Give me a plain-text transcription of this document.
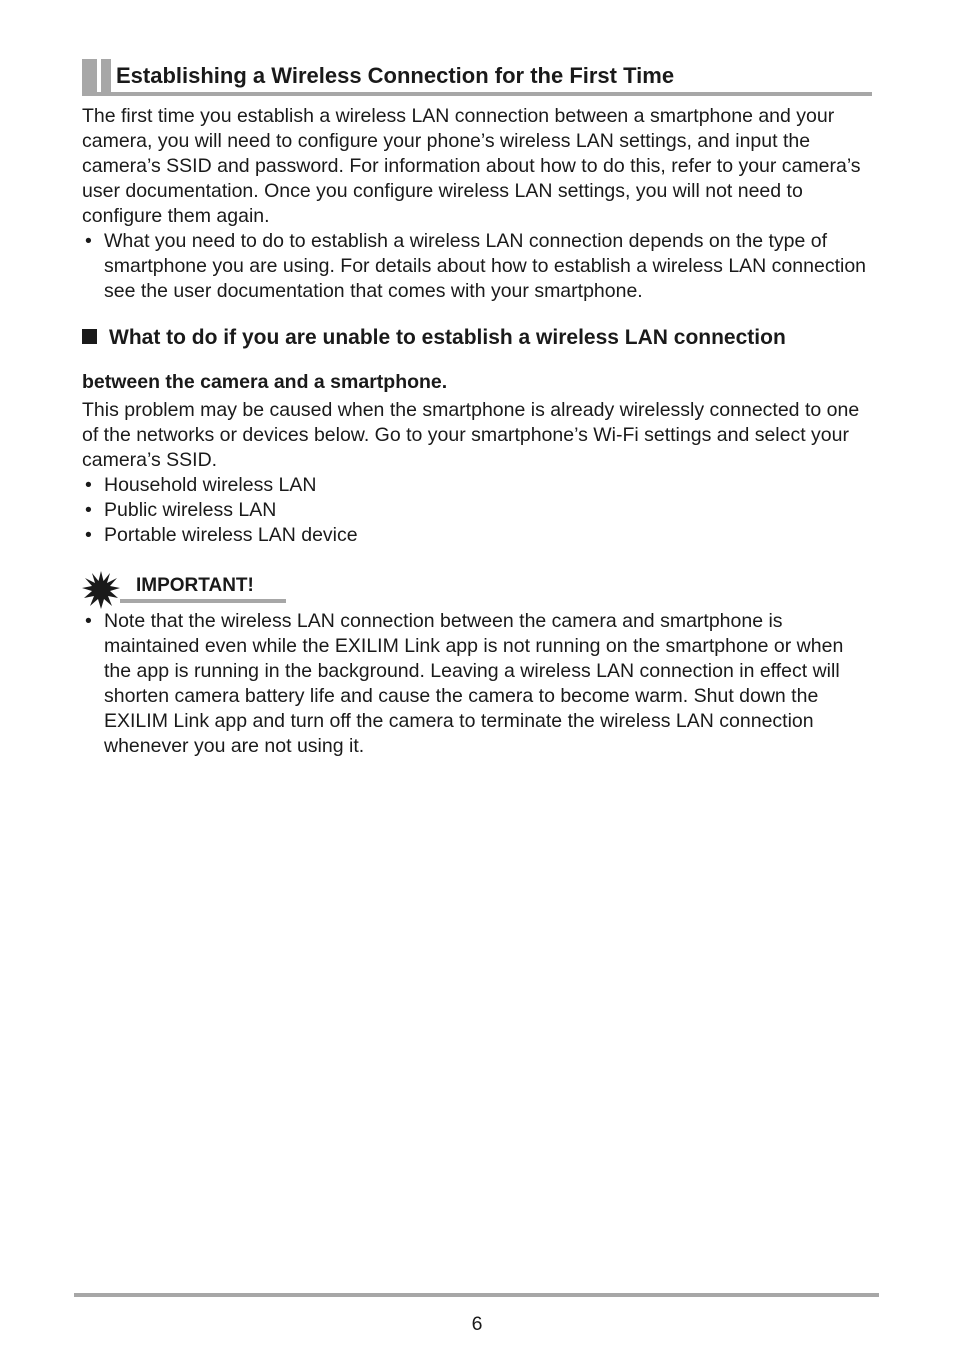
Establishing a Wireless Connection for the First Time
The first time you establish a wireless LAN connection between a smartphone and your camera, you will need to configure your phone’s wireless LAN settings, and input the camera’s SSID and password. For information about how to do this, refer to your camera’s user documentation. Once you configure wireless LAN settings, you will not need to configure them again.
• What you need to do to establish a wireless LAN connection depends on the type of smartphone you are using. For details about how to establish a wireless LAN connection see the user documentation that comes with your smartphone.
What to do if you are unable to establish a wireless LAN connection
between the camera and a smartphone.
This problem may be caused when the smartphone is already wirelessly connected to one of the networks or devices below. Go to your smartphone’s Wi-Fi settings and select your camera’s SSID.
• Household wireless LAN
• Public wireless LAN
• Portable wireless LAN device
IMPORTANT!
• Note that the wireless LAN connection between the camera and smartphone is maintained even while the EXILIM Link app is not running on the smartphone or when the app is running in the background. Leaving a wireless LAN connection in effect will shorten camera battery life and cause the camera to become warm. Shut down the EXILIM Link app and turn off the camera to terminate the wireless LAN connection whenever you are not using it.
6
